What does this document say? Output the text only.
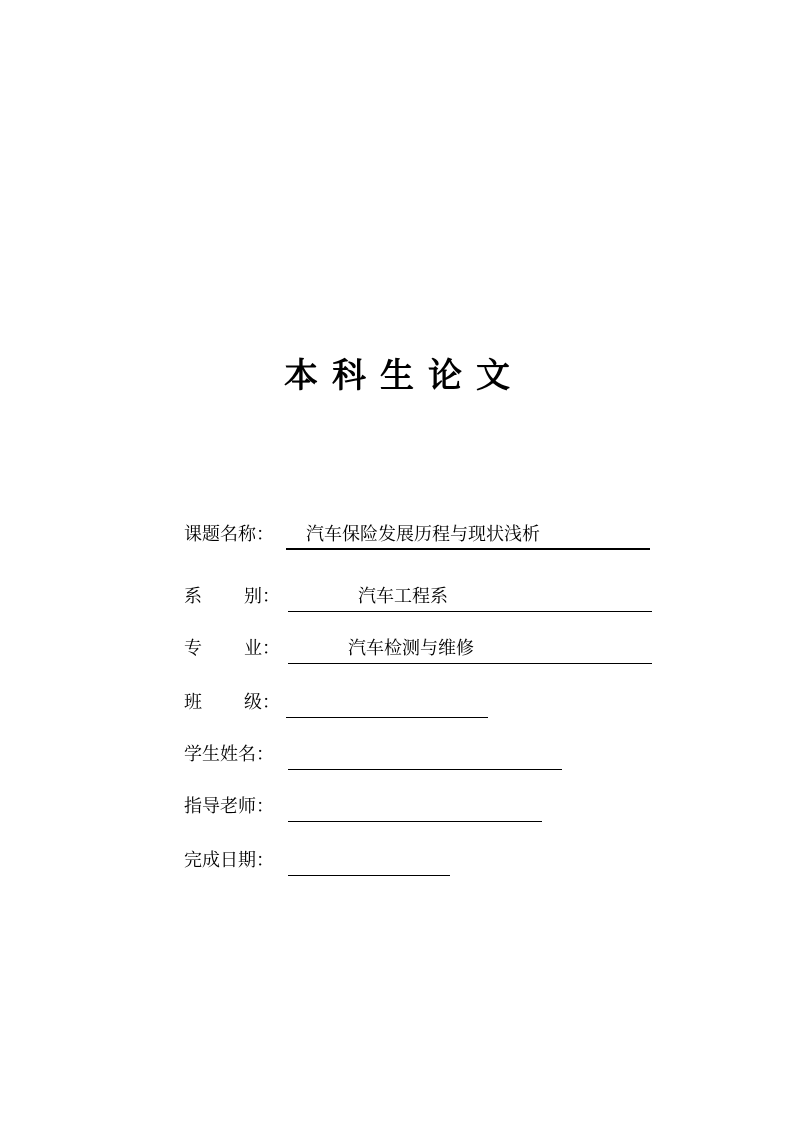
本科生论文
课题名称： 汽车保险发展历程与现状浅析
系 别：	汽车工程系
专 业：	汽车检测与维修
班 级：
学生姓名：
指导老师：
完成日期：
